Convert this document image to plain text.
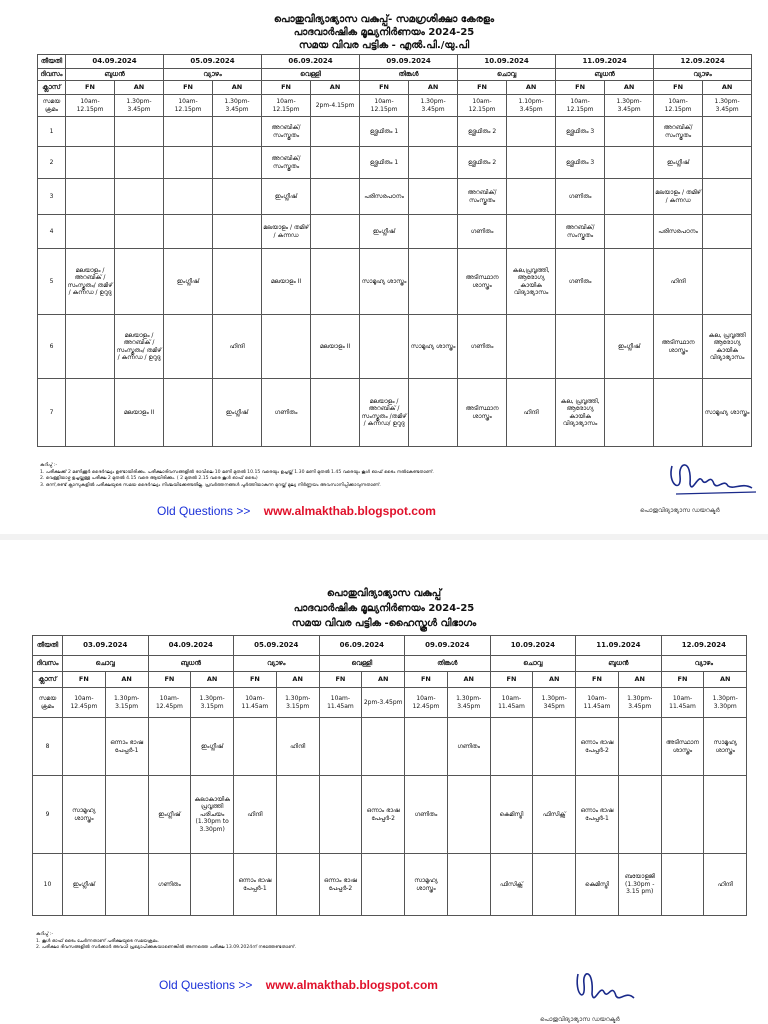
പൊതുവിദ്യാഭ്യാസ വകുപ്പ്- സമഗ്രശിക്ഷാ കേരളം
പാദവാർഷിക മൂല്യനിർണയം 2024-25
സമയ വിവര പട്ടിക - എൽ.പി./യു.പി
തീയതി	04.09.2024		05.09.2024		06.09.2024		09.09.2024		10.09.2024		11.09.2024		12.09.2024	
ദിവസം	ബുധൻ		വ്യാഴം		വെള്ളി		തിങ്കൾ		ചൊവ്വ		ബുധൻ		വ്യാഴം	
ക്ലാസ്	FN	AN	FN	AN	FN	AN	FN	AN	FN	AN	FN	AN	FN	AN
സമയ ക്രമം	10am-12.15pm	1.30pm-3.45pm	10am-12.15pm	1.30pm-3.45pm	10am-12.15pm	2pm-4.15pm	10am-12.15pm	1.30pm-3.45pm	10am-12.15pm	1.10pm-3.45pm	10am-12.15pm	1.30pm-3.45pm	10am-12.15pm	1.30pm-3.45pm
1					അറബിക്/ സംസ്കൃതം		ഉദ്ഗ്രഥിതം 1		ഉദ്ഗ്രഥിതം 2		ഉദ്ഗ്രഥിതം 3		അറബിക്/ സംസ്കൃതം	
2					അറബിക്/ സംസ്കൃതം		ഉദ്ഗ്രഥിതം 1		ഉദ്ഗ്രഥിതം 2		ഉദ്ഗ്രഥിതം 3		ഇംഗ്ലീഷ്	
3					ഇംഗ്ലീഷ്		പരിസരപഠനം		അറബിക്/സംസ്കൃതം		ഗണിതം		മലയാളം / തമിഴ് / കന്നഡ	
4					മലയാളം / തമിഴ് / കന്നഡ		ഇംഗ്ലീഷ്		ഗണിതം		അറബിക്/സംസ്കൃതം		പരിസരപഠനം	
5	മലയാളം / അറബിക് /സംസ്കൃതം/ തമിഴ് / കന്നഡ / ഉറുദു		ഇംഗ്ലീഷ്		മലയാളം II		സാമൂഹ്യ ശാസ്ത്രം		അടിസ്ഥാന ശാസ്ത്രം	കല,പ്രവൃത്തി, ആരോഗ്യ കായിക വിദ്യാഭ്യാസം	ഗണിതം		ഹിന്ദി	
6		മലയാളം / അറബിക് /സംസ്കൃതം/ തമിഴ് / കന്നഡ / ഉറുദു		ഹിന്ദി		മലയാളം II		സാമൂഹ്യ ശാസ്ത്രം	ഗണിതം			ഇംഗ്ലീഷ്	അടിസ്ഥാന ശാസ്ത്രം	കല, പ്രവൃത്തി ആരോഗ്യ കായിക വിദ്യാഭ്യാസം
7		മലയാളം II		ഇംഗ്ലീഷ്	ഗണിതം		മലയാളം / അറബിക് /സംസ്കൃതം /തമിഴ് / കന്നഡ/ ഉറുദു		അടിസ്ഥാന ശാസ്ത്രം	ഹിന്ദി	കല, പ്രവൃത്തി, ആരോഗ്യ കായിക വിദ്യാഭ്യാസം			സാമൂഹ്യ ശാസ്ത്രം
കുറിപ്പ് :-
1. പരീക്ഷക്ക് 2 മണിക്കൂർ ദൈർഘ്യം ഉണ്ടായിരിക്കും. പരീക്ഷാദിവസങ്ങളിൽ രാവിലെ 10 മണി മുതൽ 10.15 വരെയും ഉച്ചയ്ക്ക് 1.30 മണി മുതൽ 1.45 വരെയും കൂൾ ഓഫ് ടൈം നൽകേണ്ടതാണ്.
2. വെള്ളിയാഴ്ച ഉച്ചയ്ക്കുള്ള പരീക്ഷ 2 മുതൽ 4.15 വരെ ആയിരിക്കും. ( 2 മുതൽ 2.15 വരെ കൂൾ ഓഫ് ടൈം)
3. ഒന്ന്,രണ്ട് ക്ലാസുകളിൽ പരീക്ഷയുടെ സമയ ദൈർഘ്യം നിശ്ചയിക്കേണ്ടതില്ല. പ്രവർത്തനങ്ങൾ പൂർത്തിയാകുന്ന മുറയ്ക്ക് മൂല്യ നിർണ്ണയം അവസാനിപ്പിക്കാവുന്നതാണ്.
Old Questions >> www.almakthab.blogspot.com	പൊതുവിദ്യാഭ്യാസ ഡയറക്ടർ
പൊതുവിദ്യാഭ്യാസ വകുപ്പ്
പാദവാർഷിക മൂല്യനിർണയം 2024-25
സമയ വിവര പട്ടിക -ഹൈസ്കൂൾ വിഭാഗം
തീയതി	03.09.2024		04.09.2024		05.09.2024		06.09.2024		09.09.2024		10.09.2024		11.09.2024		12.09.2024	
ദിവസം	ചൊവ്വ		ബുധൻ		വ്യാഴം		വെള്ളി		തിങ്കൾ		ചൊവ്വ		ബുധൻ		വ്യാഴം	
ക്ലാസ്	FN	AN	FN	AN	FN	AN	FN	AN	FN	AN	FN	AN	FN	AN	FN	AN
സമയ ക്രമം	10am-12.45pm	1.30pm-3.15pm	10am-12.45pm	1.30pm-3.15pm	10am-11.45am	1.30pm-3.15pm	10am-11.45am	2pm-3.45pm	10am-12.45pm	1.30pm-3.45pm	10am-11.45am	1.30pm-345pm	10am-11.45am	1.30pm-3.45pm	10am-11.45am	1.30pm-3.30pm
8		ഒന്നാം ഭാഷ പേപ്പർ-1		ഇംഗ്ലീഷ്		ഹിന്ദി				ഗണിതം			ഒന്നാം ഭാഷ പേപ്പർ-2		അടിസ്ഥാന ശാസ്ത്രം	സാമൂഹ്യ ശാസ്ത്രം
9	സാമൂഹ്യ ശാസ്ത്രം		ഇംഗ്ലീഷ്	കലാകായിക പ്രവൃത്തി പരിചയം (1.30pm to 3.30pm)	ഹിന്ദി			ഒന്നാം ഭാഷ പേപ്പർ-2	ഗണിതം		കെമിസ്ട്രി	ഫിസിക്സ്	ഒന്നാം ഭാഷ പേപ്പർ-1			
10	ഇംഗ്ലീഷ്		ഗണിതം		ഒന്നാം ഭാഷ പേപ്പർ-1		ഒന്നാം ഭാഷ പേപ്പർ-2		സാമൂഹ്യ ശാസ്ത്രം		ഫിസിക്സ്		കെമിസ്ട്രി	ബയോളജി (1.30pm - 3.15 pm)		ഹിന്ദി
കുറിപ്പ് :-
1. കൂൾ ഓഫ് ടൈം ചേർന്നതാണ് പരീക്ഷയുടെ സമയക്രമം.
2. പരീക്ഷാ ദിവസങ്ങളിൽ സർക്കാർ അവധി പ്രഖ്യാപിക്കുകയാണെങ്കിൽ അന്നത്തെ പരീക്ഷ 13.09.2024ന് നടത്തേണ്ടതാണ്.
Old Questions >> www.almakthab.blogspot.com
പൊതുവിദ്യാഭ്യാസ ഡയറക്ടർ
